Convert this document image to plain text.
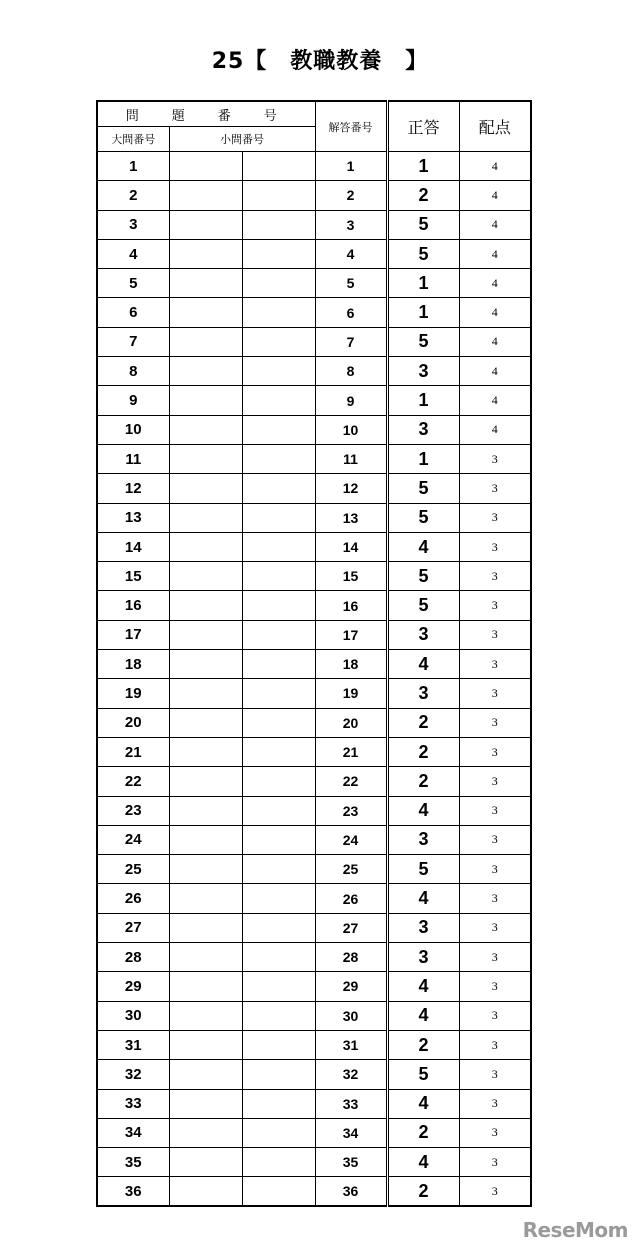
25【　教職教養　】
問　題　番　号			解答番号	正答	配点
大問番号	小問番号				
1			1	1	4
2			2	2	4
3			3	5	4
4			4	5	4
5			5	1	4
6			6	1	4
7			7	5	4
8			8	3	4
9			9	1	4
10			10	3	4
11			11	1	3
12			12	5	3
13			13	5	3
14			14	4	3
15			15	5	3
16			16	5	3
17			17	3	3
18			18	4	3
19			19	3	3
20			20	2	3
21			21	2	3
22			22	2	3
23			23	4	3
24			24	3	3
25			25	5	3
26			26	4	3
27			27	3	3
28			28	3	3
29			29	4	3
30			30	4	3
31			31	2	3
32			32	5	3
33			33	4	3
34			34	2	3
35			35	4	3
36			36	2	3
ReseMom
